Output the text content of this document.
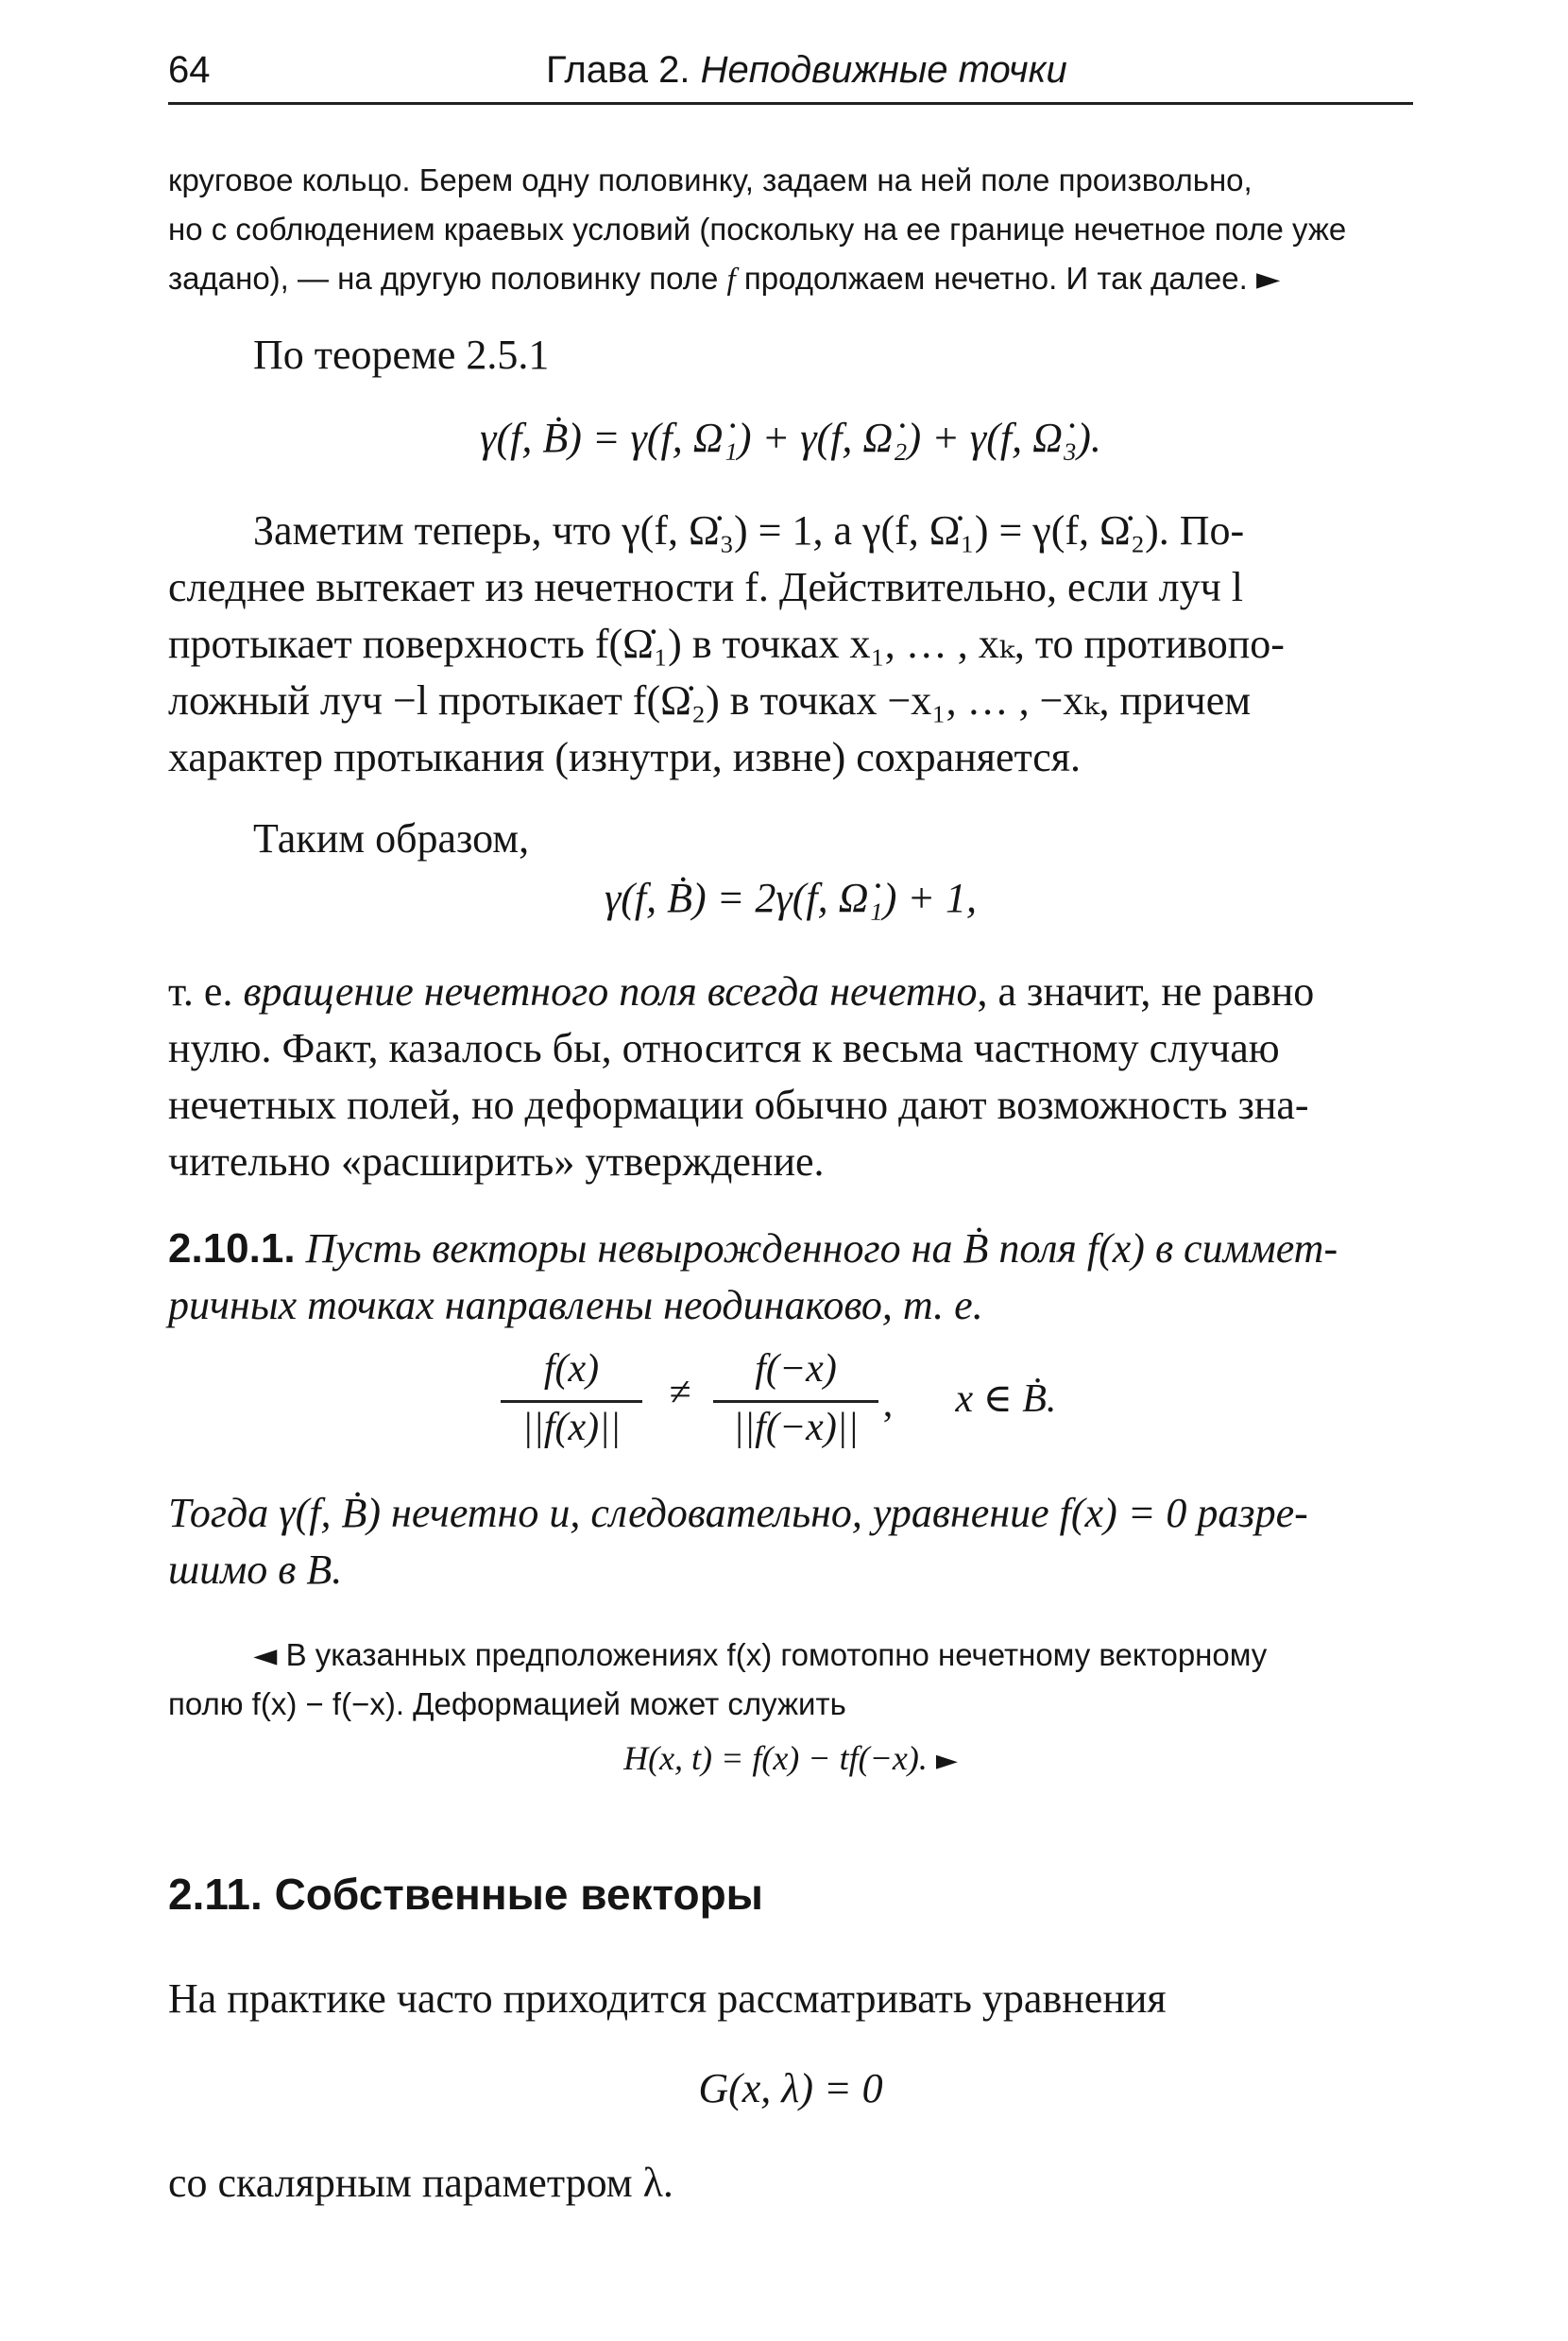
64	Глава 2. Неподвижные точки
круговое кольцо. Берем одну половинку, задаем на ней поле произвольно,
но с соблюдением краевых условий (поскольку на ее границе нечетное поле уже
задано), — на другую половинку поле f продолжаем нечетно. И так далее. ►
По теореме 2.5.1
γ(f, Ḃ) = γ(f, Ω̇₁) + γ(f, Ω̇₂) + γ(f, Ω̇₃).
Заметим теперь, что γ(f, Ω̇₃) = 1, а γ(f, Ω̇₁) = γ(f, Ω̇₂). По-
следнее вытекает из нечетности f. Действительно, если луч l
протыкает поверхность f(Ω̇₁) в точках x₁, … , xₖ, то противопо-
ложный луч −l протыкает f(Ω̇₂) в точках −x₁, … , −xₖ, причем
характер протыкания (изнутри, извне) сохраняется.
Таким образом,
γ(f, Ḃ) = 2γ(f, Ω̇₁) + 1,
т. е. вращение нечетного поля всегда нечетно, а значит, не равно
нулю. Факт, казалось бы, относится к весьма частному случаю
нечетных полей, но деформации обычно дают возможность зна-
чительно «расширить» утверждение.
2.10.1. Пусть векторы невырожденного на Ḃ поля f(x) в симмет-
ричных точках направлены неодинаково, т. е.
f(x)
||f(x)||
≠
f(−x)
||f(−x)||
,	x ∈ Ḃ.
Тогда γ(f, Ḃ) нечетно и, следовательно, уравнение f(x) = 0 разре-
шимо в B.
◄ В указанных предположениях f(x) гомотопно нечетному векторному
полю f(x) − f(−x). Деформацией может служить
H(x, t) = f(x) − tf(−x). ►
2.11. Собственные векторы
На практике часто приходится рассматривать уравнения
G(x, λ) = 0
со скалярным параметром λ.
